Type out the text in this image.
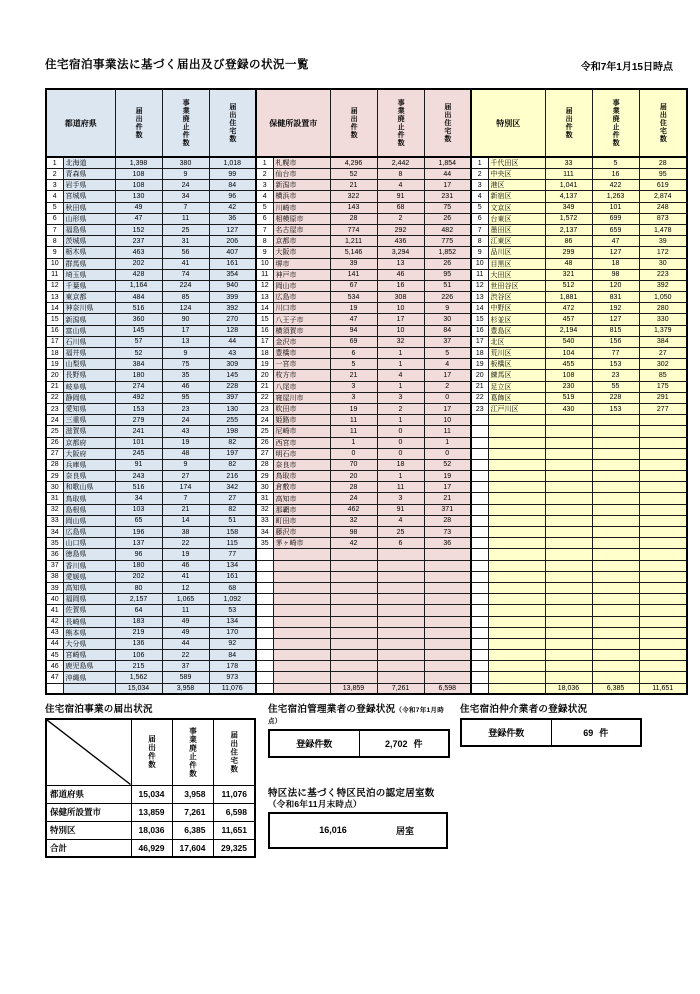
住宅宿泊事業法に基づく届出及び登録の状況一覧	令和7年1月15日時点
都道府県		届出件数	事業廃止件数	届出住宅数	保健所設置市		届出件数	事業廃止件数	届出住宅数	特別区		届出件数	事業廃止件数	届出住宅数

1	北海道	1,398	380	1,018	1	札幌市	4,296	2,442	1,854	1	千代田区	33	5	28
2	青森県	108	9	99	2	仙台市	52	8	44	2	中央区	111	16	95
3	岩手県	108	24	84	3	新潟市	21	4	17	3	港区	1,041	422	619
4	宮城県	130	34	96	4	横浜市	322	91	231	4	新宿区	4,137	1,263	2,874
5	秋田県	49	7	42	5	川崎市	143	68	75	5	文京区	349	101	248
6	山形県	47	11	36	6	相模原市	28	2	26	6	台東区	1,572	699	873
7	福島県	152	25	127	7	名古屋市	774	292	482	7	墨田区	2,137	659	1,478
8	茨城県	237	31	206	8	京都市	1,211	436	775	8	江東区	86	47	39
9	栃木県	463	56	407	9	大阪市	5,146	3,294	1,852	9	品川区	299	127	172
10	群馬県	202	41	161	10	堺市	39	13	26	10	目黒区	48	18	30
11	埼玉県	428	74	354	11	神戸市	141	46	95	11	大田区	321	98	223
12	千葉県	1,164	224	940	12	岡山市	67	16	51	12	世田谷区	512	120	392
13	東京都	484	85	399	13	広島市	534	308	226	13	渋谷区	1,881	831	1,050
14	神奈川県	516	124	392	14	川口市	19	10	9	14	中野区	472	192	280
15	新潟県	360	90	270	15	八王子市	47	17	30	15	杉並区	457	127	330
16	富山県	145	17	128	16	横須賀市	94	10	84	16	豊島区	2,194	815	1,379
17	石川県	57	13	44	17	金沢市	69	32	37	17	北区	540	156	384
18	福井県	52	9	43	18	豊橋市	6	1	5	18	荒川区	104	77	27
19	山梨県	384	75	309	19	一宮市	5	1	4	19	板橋区	455	153	302
20	長野県	180	35	145	20	枚方市	21	4	17	20	練馬区	108	23	85
21	岐阜県	274	46	228	21	八尾市	3	1	2	21	足立区	230	55	175
22	静岡県	492	95	397	22	寝屋川市	3	3	0	22	葛飾区	519	228	291
23	愛知県	153	23	130	23	吹田市	19	2	17	23	江戸川区	430	153	277
24	三重県	279	24	255	24	姫路市	11	1	10					
25	滋賀県	241	43	198	25	尼崎市	11	0	11					
26	京都府	101	19	82	26	西宮市	1	0	1					
27	大阪府	245	48	197	27	明石市	0	0	0					
28	兵庫県	91	9	82	28	奈良市	70	18	52					
29	奈良県	243	27	216	29	鳥取市	20	1	19					
30	和歌山県	516	174	342	30	倉敷市	28	11	17					
31	鳥取県	34	7	27	31	高知市	24	3	21					
32	島根県	103	21	82	32	那覇市	462	91	371					
33	岡山県	65	14	51	33	町田市	32	4	28					
34	広島県	196	38	158	34	藤沢市	98	25	73					
35	山口県	137	22	115	35	茅ヶ崎市	42	6	36					
36	徳島県	96	19	77										
37	香川県	180	46	134										
38	愛媛県	202	41	161										
39	高知県	80	12	68										
40	福岡県	2,157	1,065	1,092										
41	佐賀県	64	11	53										
42	長崎県	183	49	134										
43	熊本県	219	49	170										
44	大分県	136	44	92										
45	宮崎県	106	22	84										
46	鹿児島県	215	37	178										
47	沖縄県	1,562	589	973										
		15,034	3,958	11,076			13,859	7,261	6,598			18,036	6,385	11,651
住宅宿泊事業の届出状況

届出件数	事業廃止件数	届出住宅数

都道府県	15,034	3,958	11,076
保健所設置市	13,859	7,261	6,598
特別区	18,036	6,385	11,651
合計	46,929	17,604	29,325
住宅宿泊管理業者の登録状況（令和7年1月時点）
登録件数	2,702 件
特区法に基づく特区民泊の認定居室数
（令和6年11月末時点）
16,016	居室
住宅宿泊仲介業者の登録状況
登録件数	69 件
